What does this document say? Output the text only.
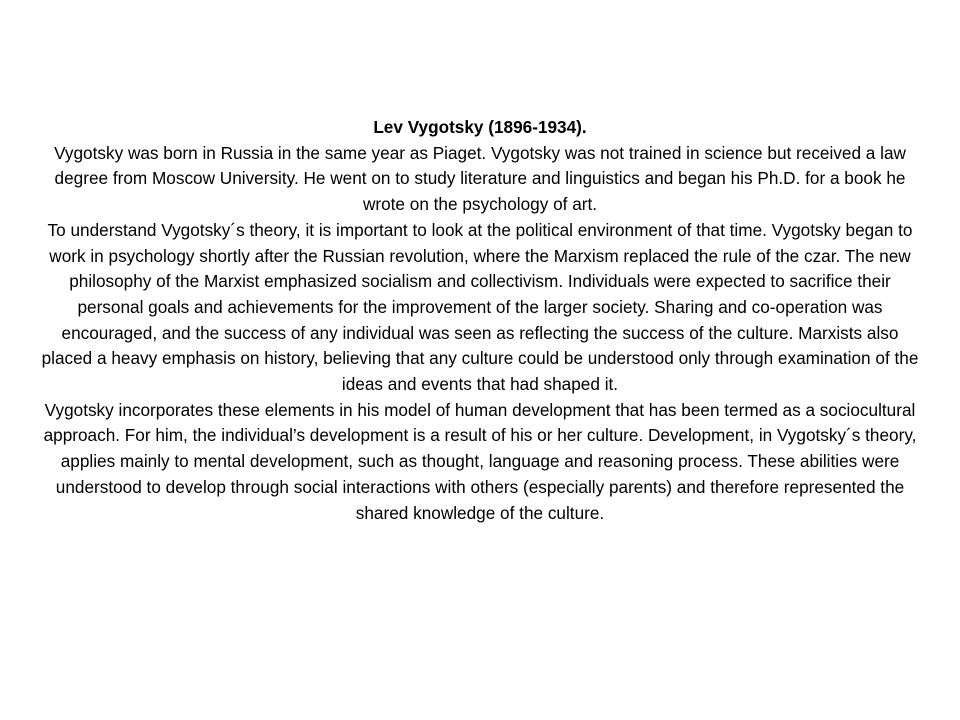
Lev Vygotsky (1896-1934).

Vygotsky was born in Russia in the same year as Piaget. Vygotsky was not trained in science but received a law degree from Moscow University. He went on to study literature and linguistics and began his Ph.D. for a book he wrote on the psychology of art.

To understand Vygotsky´s theory, it is important to look at the political environment of that time. Vygotsky began to work in psychology shortly after the Russian revolution, where the Marxism replaced the rule of the czar. The new philosophy of the Marxist emphasized socialism and collectivism. Individuals were expected to sacrifice their personal goals and achievements for the improvement of the larger society. Sharing and co-operation was encouraged, and the success of any individual was seen as reflecting the success of the culture. Marxists also placed a heavy emphasis on history, believing that any culture could be understood only through examination of the ideas and events that had shaped it.

Vygotsky incorporates these elements in his model of human development that has been termed as a sociocultural approach. For him, the individual’s development is a result of his or her culture. Development, in Vygotsky´s theory, applies mainly to mental development, such as thought, language and reasoning process. These abilities were understood to develop through social interactions with others (especially parents) and therefore represented the shared knowledge of the culture.
